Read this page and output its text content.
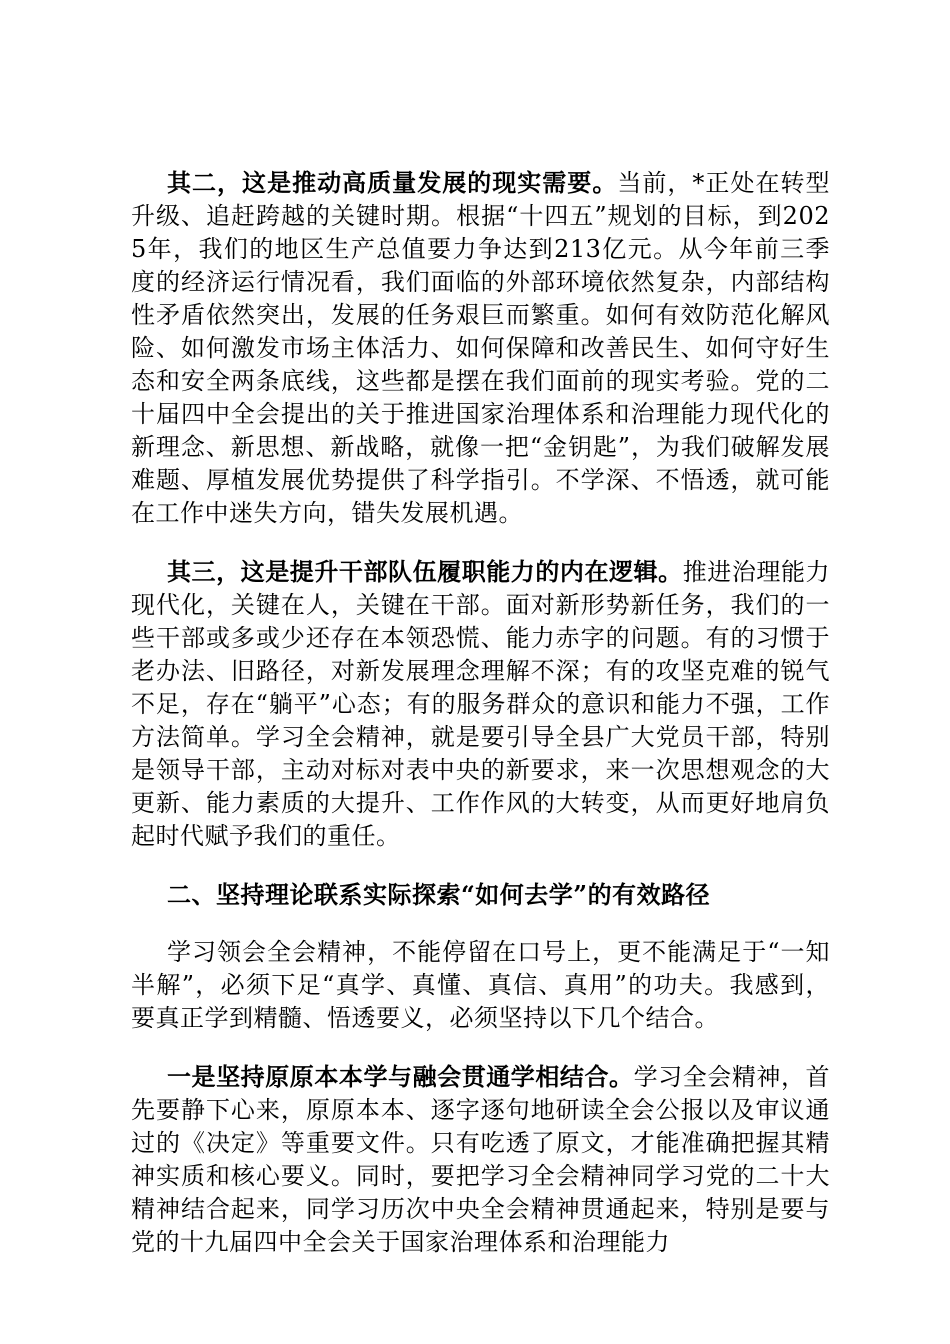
其二，这是推动高质量发展的现实需要。当前，*正处在转型升级、追赶跨越的关键时期。根据“十四五”规划的目标，到2025年，我们的地区生产总值要力争达到213亿元。从今年前三季度的经济运行情况看，我们面临的外部环境依然复杂，内部结构性矛盾依然突出，发展的任务艰巨而繁重。如何有效防范化解风险、如何激发市场主体活力、如何保障和改善民生、如何守好生态和安全两条底线，这些都是摆在我们面前的现实考验。党的二十届四中全会提出的关于推进国家治理体系和治理能力现代化的新理念、新思想、新战略，就像一把“金钥匙”，为我们破解发展难题、厚植发展优势提供了科学指引。不学深、不悟透，就可能在工作中迷失方向，错失发展机遇。

其三，这是提升干部队伍履职能力的内在逻辑。推进治理能力现代化，关键在人，关键在干部。面对新形势新任务，我们的一些干部或多或少还存在本领恐慌、能力赤字的问题。有的习惯于老办法、旧路径，对新发展理念理解不深；有的攻坚克难的锐气不足，存在“躺平”心态；有的服务群众的意识和能力不强，工作方法简单。学习全会精神，就是要引导全县广大党员干部，特别是领导干部，主动对标对表中央的新要求，来一次思想观念的大更新、能力素质的大提升、工作作风的大转变，从而更好地肩负起时代赋予我们的重任。

二、坚持理论联系实际探索“如何去学”的有效路径

学习领会全会精神，不能停留在口号上，更不能满足于“一知半解”，必须下足“真学、真懂、真信、真用”的功夫。我感到，要真正学到精髓、悟透要义，必须坚持以下几个结合。

一是坚持原原本本学与融会贯通学相结合。学习全会精神，首先要静下心来，原原本本、逐字逐句地研读全会公报以及审议通过的《决定》等重要文件。只有吃透了原文，才能准确把握其精神实质和核心要义。同时，要把学习全会精神同学习党的二十大精神结合起来，同学习历次中央全会精神贯通起来，特别是要与党的十九届四中全会关于国家治理体系和治理能力
